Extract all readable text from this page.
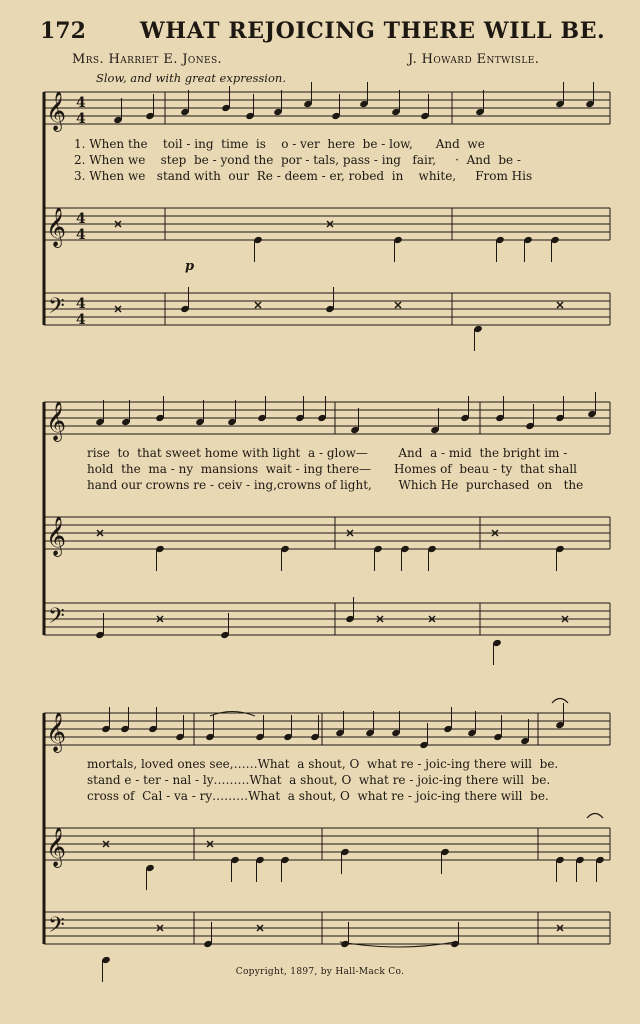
172 WHAT REJOICING THERE WILL BE.
Mrs. Harriet E. Jones.	J. Howard Entwisle.
Slow, and with great expression.
1. When the    toil - ing  time  is    o - ver  here  be - low,      And  we
2. When we    step  be - yond the  por - tals, pass - ing   fair,     ·  And  be -
3. When we   stand with  our  Re - deem - er, robed  in    white,     From His
p
rise  to  that sweet home with light  a - glow—        And  a - mid  the bright im -
hold  the  ma - ny  mansions  wait - ing there—      Homes of  beau - ty  that shall
hand our crowns re - ceiv - ing,crowns of light,       Which He  purchased  on   the
mortals, loved ones see,……What  a shout, O  what re - joic-ing there will  be.
stand e - ter - nal - ly………What  a shout, O  what re - joic-ing there will  be.
cross of  Cal - va - ry………What  a shout, O  what re - joic-ing there will  be.
Copyright, 1897, by Hall-Mack Co.
𝄞 4
4
𝄞 4
4
𝄢 4
4
𝄞
𝄞
𝄢
𝄞
𝄞
𝄢
